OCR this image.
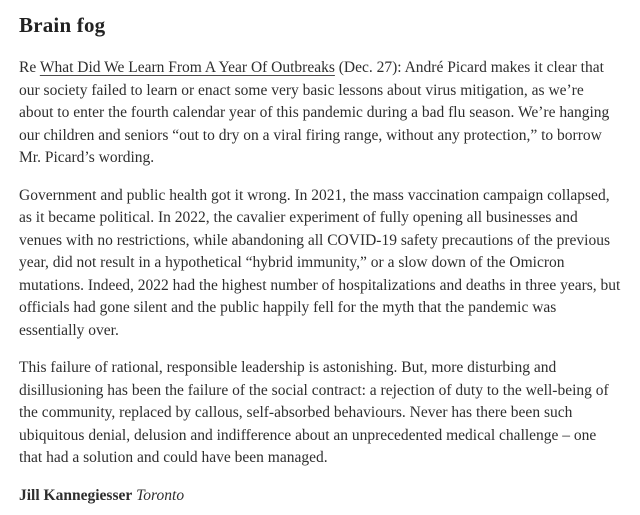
Brain fog

Re What Did We Learn From A Year Of Outbreaks (Dec. 27): André Picard makes it clear that our society failed to learn or enact some very basic lessons about virus mitigation, as we’re about to enter the fourth calendar year of this pandemic during a bad flu season. We’re hanging our children and seniors “out to dry on a viral firing range, without any protection,” to borrow Mr. Picard’s wording.

Government and public health got it wrong. In 2021, the mass vaccination campaign collapsed, as it became political. In 2022, the cavalier experiment of fully opening all businesses and venues with no restrictions, while abandoning all COVID-19 safety precautions of the previous year, did not result in a hypothetical “hybrid immunity,” or a slow down of the Omicron mutations. Indeed, 2022 had the highest number of hospitalizations and deaths in three years, but officials had gone silent and the public happily fell for the myth that the pandemic was essentially over.

This failure of rational, responsible leadership is astonishing. But, more disturbing and disillusioning has been the failure of the social contract: a rejection of duty to the well-being of the community, replaced by callous, self-absorbed behaviours. Never has there been such ubiquitous denial, delusion and indifference about an unprecedented medical challenge – one that had a solution and could have been managed.

Jill Kannegiesser Toronto
